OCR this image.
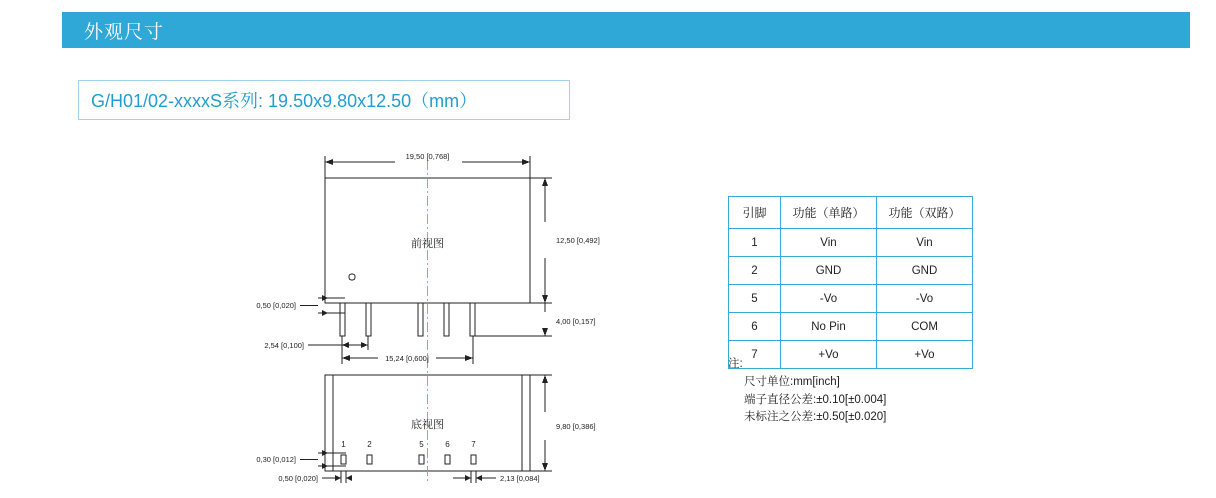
外观尺寸
G/H01/02-xxxxS系列: 19.50x9.80x12.50（mm）
19,50 [0,768]
12,50 [0,492]
4,00 [0,157]
0,50 [0,020]
2,54 [0,100]
15,24 [0,600]
9,80 [0,386]
0,30 [0,012]
0,50 [0,020]	2,13 [0,084]
前视图
底视图
1	2	5	6	7
引脚	功能（单路）	功能（双路）
1	Vin	Vin
2	GND	GND
5	-Vo	-Vo
6	No Pin	COM
7	+Vo	+Vo
注:
尺寸单位:mm[inch]
端子直径公差:±0.10[±0.004]
未标注之公差:±0.50[±0.020]
